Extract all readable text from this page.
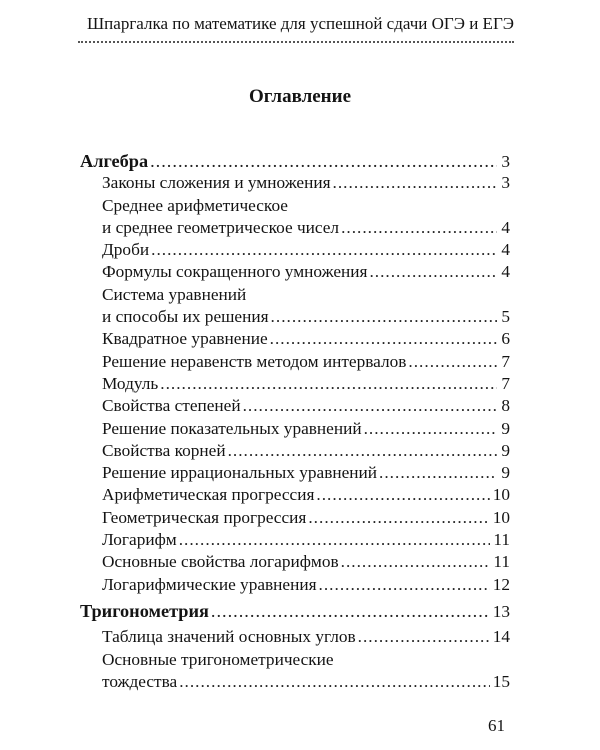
Шпаргалка по математике для успешной сдачи ОГЭ и ЕГЭ
Оглавление
Алгебра .....	3
Законы сложения и умножения .....	3
Среднее арифметическое
и среднее геометрическое чисел .....	4
Дроби .....	4
Формулы сокращенного умножения .....	4
Система уравнений
и способы их решения .....	5
Квадратное уравнение .....	6
Решение неравенств методом интервалов .....	7
Модуль .....	7
Свойства степеней .....	8
Решение показательных уравнений .....	9
Свойства корней .....	9
Решение иррациональных уравнений .....	9
Арифметическая прогрессия .....	10
Геометрическая прогрессия .....	10
Логарифм .....	11
Основные свойства логарифмов .....	11
Логарифмические уравнения .....	12
Тригонометрия .....	13
Таблица значений основных углов .....	14
Основные тригонометрические
тождества .....	15
61
